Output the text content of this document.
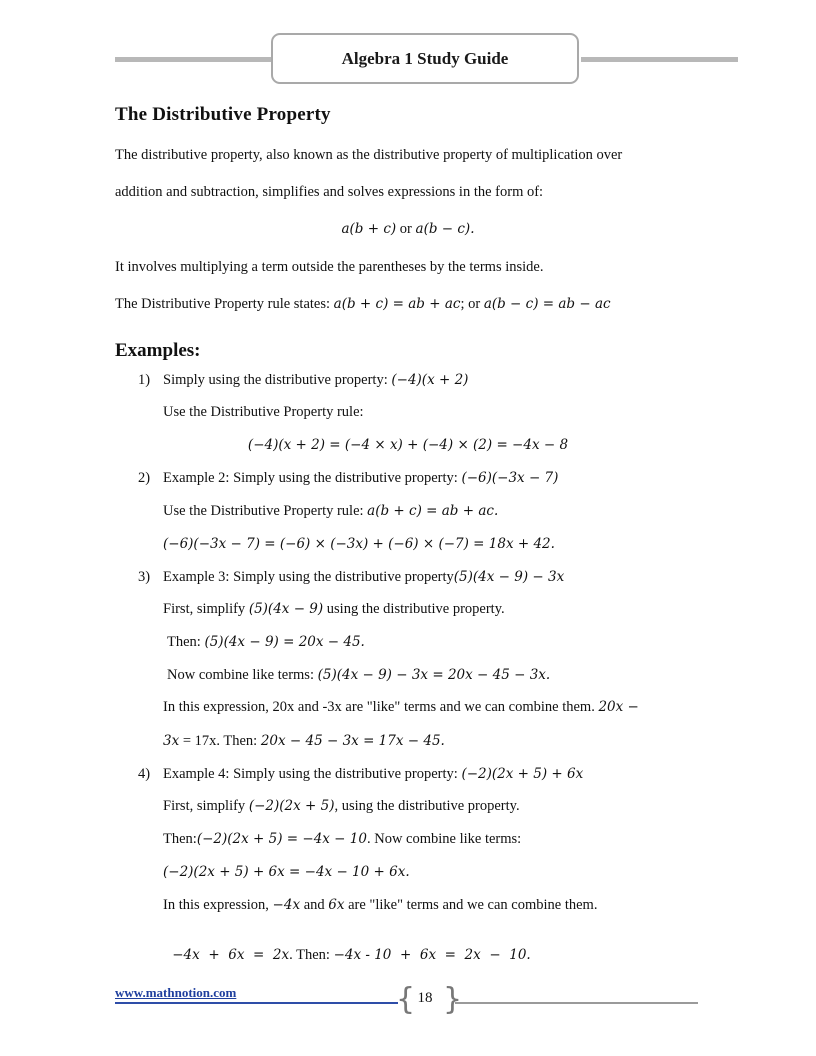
Algebra 1 Study Guide
The Distributive Property
The distributive property, also known as the distributive property of multiplication over
addition and subtraction, simplifies and solves expressions in the form of:
a(b + c) or a(b − c).
It involves multiplying a term outside the parentheses by the terms inside.
The Distributive Property rule states: a(b + c) = ab + ac; or a(b − c) = ab − ac
Examples:
1) Simply using the distributive property: (−4)(x + 2)
Use the Distributive Property rule:
(−4)(x + 2) = (−4 × x) + (−4) × (2) = −4x − 8
2) Example 2: Simply using the distributive property: (−6)(−3x − 7)
Use the Distributive Property rule: a(b + c) = ab + ac.
(−6)(−3x − 7) = (−6) × (−3x) + (−6) × (−7) = 18x + 42.
3) Example 3: Simply using the distributive property(5)(4x − 9) − 3x
First, simplify (5)(4x − 9) using the distributive property.
Then: (5)(4x − 9) = 20x − 45.
Now combine like terms: (5)(4x − 9) − 3x = 20x − 45 − 3x.
In this expression, 20x and -3x are "like" terms and we can combine them. 20x −
3x = 17x. Then: 20x − 45 − 3x = 17x − 45.
4) Example 4: Simply using the distributive property: (−2)(2x + 5) + 6x
First, simplify (−2)(2x + 5), using the distributive property.
Then:(−2)(2x + 5) = −4x − 10. Now combine like terms:
(−2)(2x + 5) + 6x = −4x − 10 + 6x.
In this expression, −4x and 6x are "like" terms and we can combine them.

−4x  +  6x  =  2x. Then: −4x - 10  +  6x  =  2x  −  10.

www.mathnotion.com	{ 18 }
